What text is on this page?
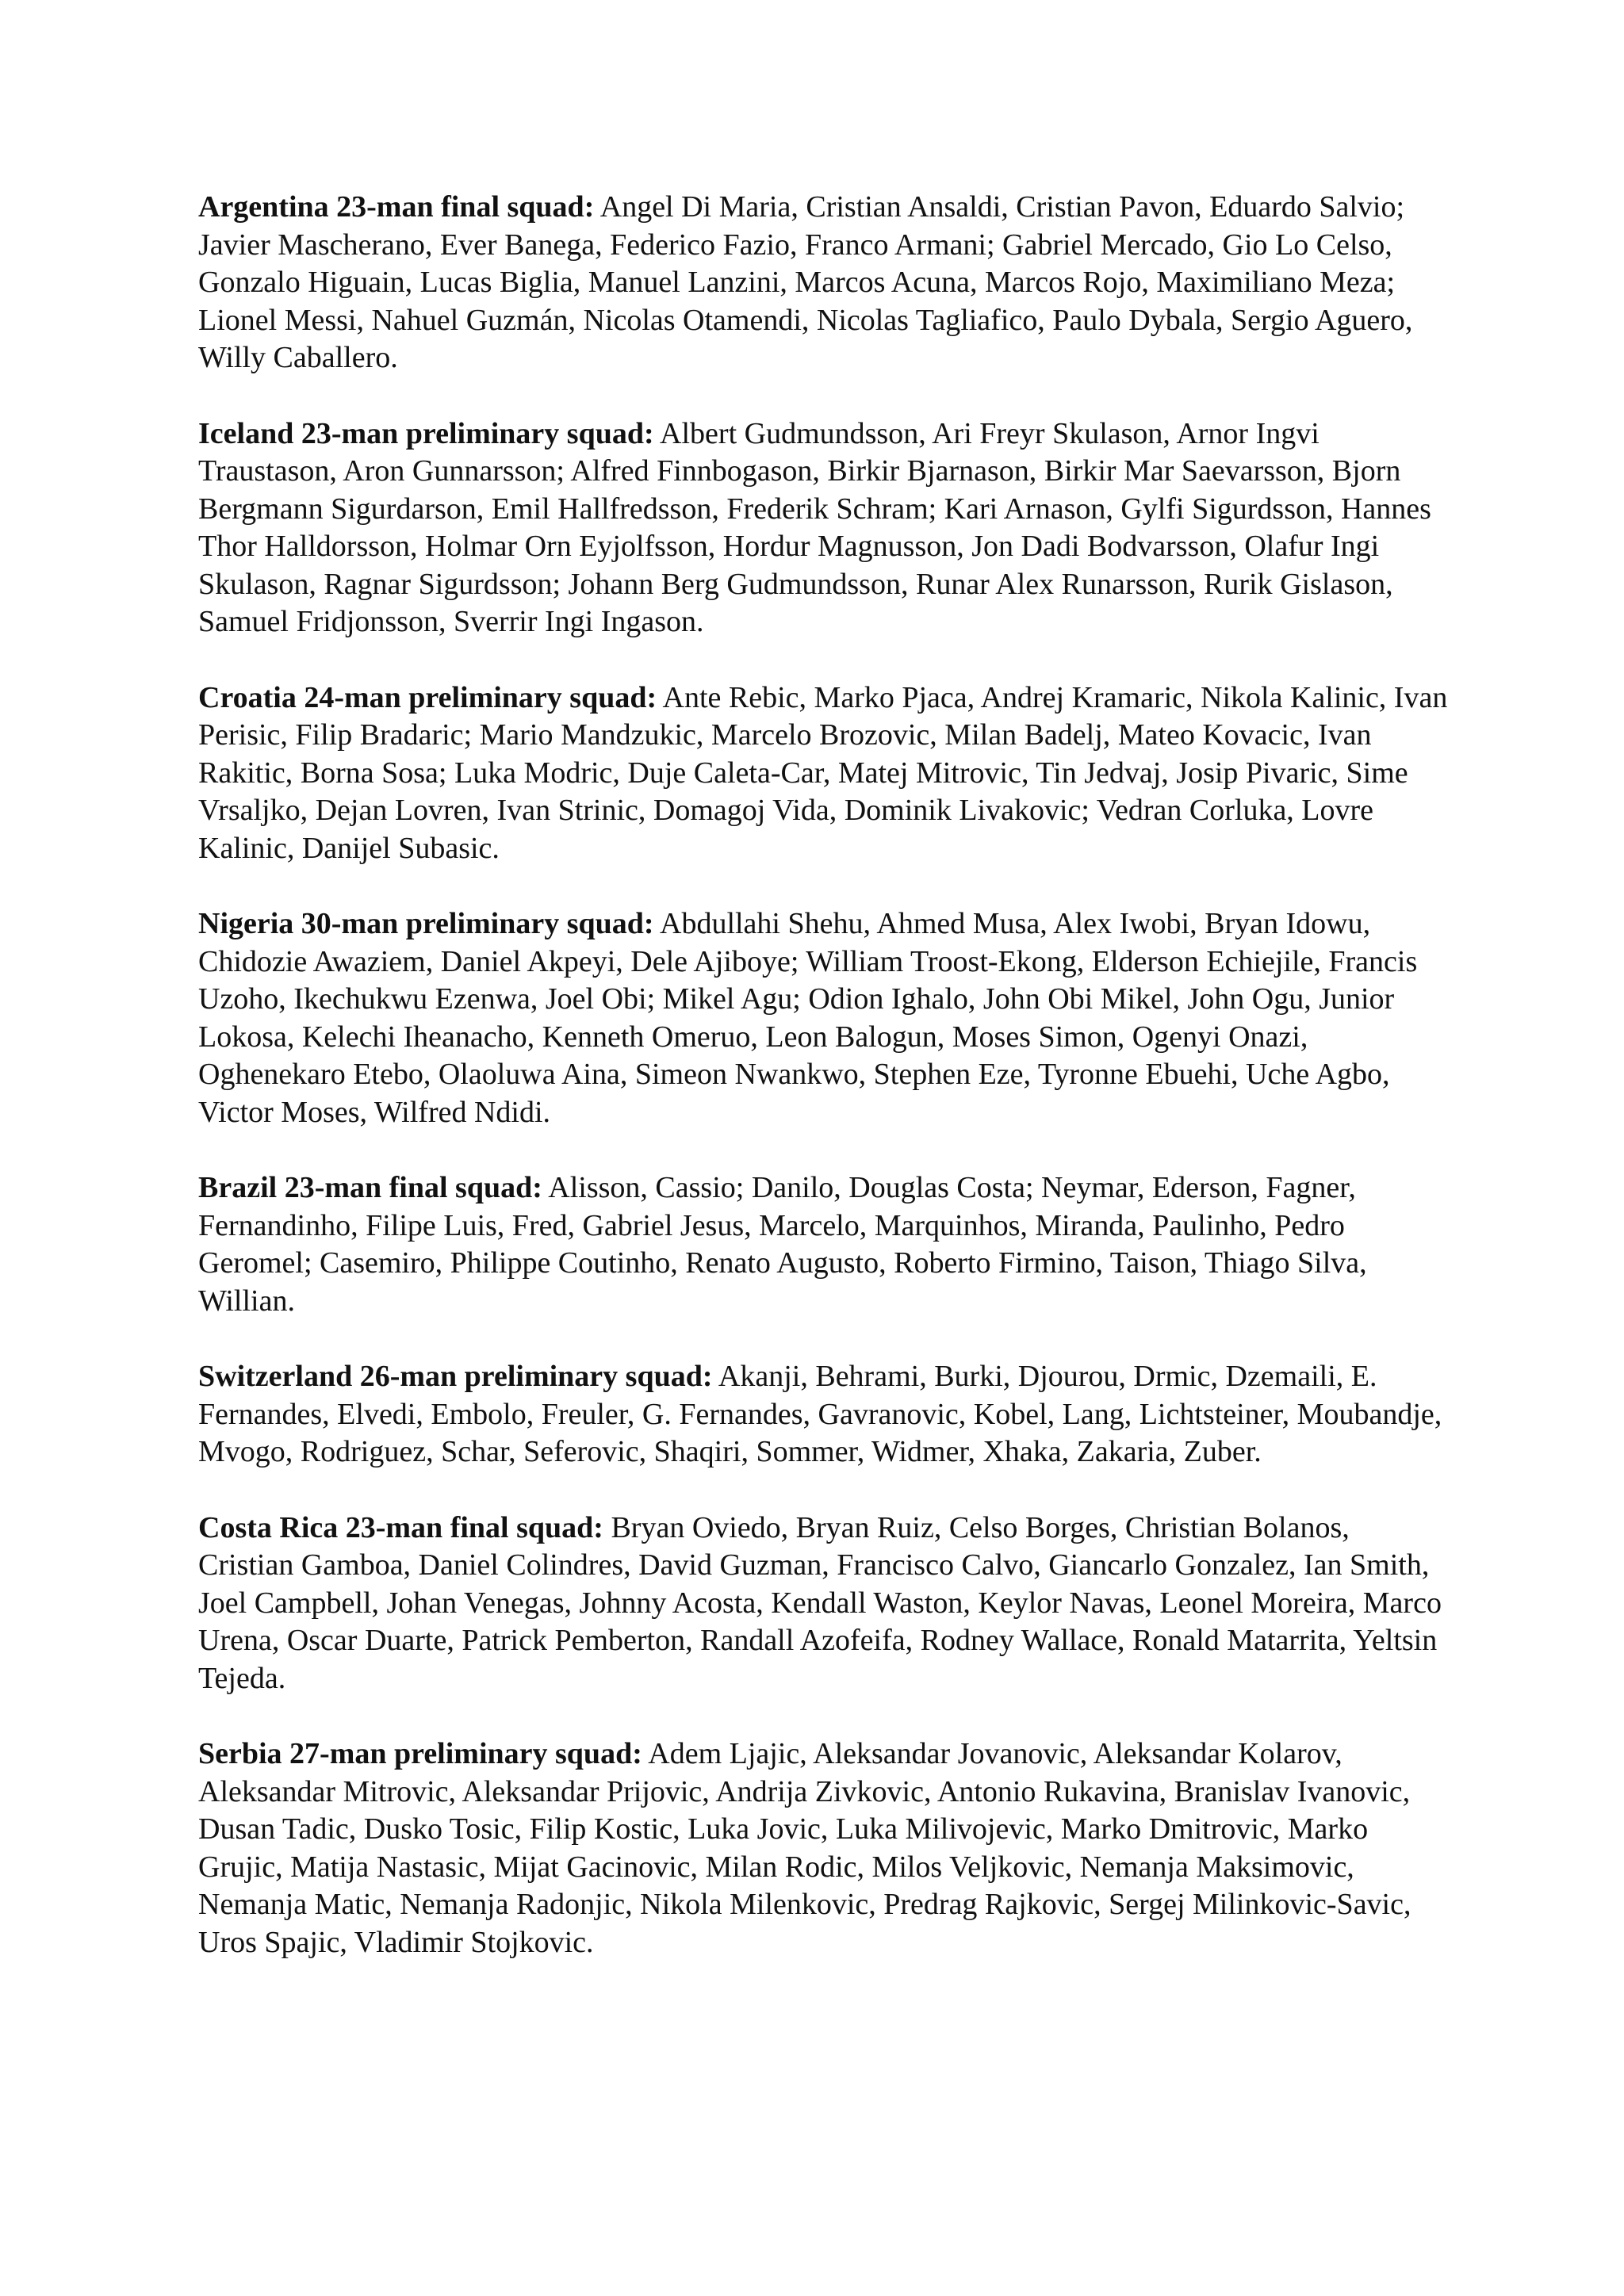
Argentina 23-man final squad: Angel Di Maria, Cristian Ansaldi, Cristian Pavon, Eduardo Salvio; Javier Mascherano, Ever Banega, Federico Fazio, Franco Armani; Gabriel Mercado, Gio Lo Celso, Gonzalo Higuain, Lucas Biglia, Manuel Lanzini, Marcos Acuna, Marcos Rojo, Maximiliano Meza; Lionel Messi, Nahuel Guzmán, Nicolas Otamendi, Nicolas Tagliafico, Paulo Dybala, Sergio Aguero, Willy Caballero.

Iceland 23-man preliminary squad: Albert Gudmundsson, Ari Freyr Skulason, Arnor Ingvi Traustason, Aron Gunnarsson; Alfred Finnbogason, Birkir Bjarnason, Birkir Mar Saevarsson, Bjorn Bergmann Sigurdarson, Emil Hallfredsson, Frederik Schram; Kari Arnason, Gylfi Sigurdsson, Hannes Thor Halldorsson, Holmar Orn Eyjolfsson, Hordur Magnusson, Jon Dadi Bodvarsson, Olafur Ingi Skulason, Ragnar Sigurdsson; Johann Berg Gudmundsson, Runar Alex Runarsson, Rurik Gislason, Samuel Fridjonsson, Sverrir Ingi Ingason.

Croatia 24-man preliminary squad: Ante Rebic, Marko Pjaca, Andrej Kramaric, Nikola Kalinic, Ivan Perisic, Filip Bradaric; Mario Mandzukic, Marcelo Brozovic, Milan Badelj, Mateo Kovacic, Ivan Rakitic, Borna Sosa; Luka Modric, Duje Caleta-Car, Matej Mitrovic, Tin Jedvaj, Josip Pivaric, Sime Vrsaljko, Dejan Lovren, Ivan Strinic, Domagoj Vida, Dominik Livakovic; Vedran Corluka, Lovre Kalinic, Danijel Subasic.

Nigeria 30-man preliminary squad: Abdullahi Shehu, Ahmed Musa, Alex Iwobi, Bryan Idowu, Chidozie Awaziem, Daniel Akpeyi, Dele Ajiboye; William Troost-Ekong, Elderson Echiejile, Francis Uzoho, Ikechukwu Ezenwa, Joel Obi; Mikel Agu; Odion Ighalo, John Obi Mikel, John Ogu, Junior Lokosa, Kelechi Iheanacho, Kenneth Omeruo, Leon Balogun, Moses Simon, Ogenyi Onazi, Oghenekaro Etebo, Olaoluwa Aina, Simeon Nwankwo, Stephen Eze, Tyronne Ebuehi, Uche Agbo, Victor Moses, Wilfred Ndidi.

Brazil 23-man final squad: Alisson, Cassio; Danilo, Douglas Costa; Neymar, Ederson, Fagner, Fernandinho, Filipe Luis, Fred, Gabriel Jesus, Marcelo, Marquinhos, Miranda, Paulinho, Pedro Geromel; Casemiro, Philippe Coutinho, Renato Augusto, Roberto Firmino, Taison, Thiago Silva, Willian.

Switzerland 26-man preliminary squad: Akanji, Behrami, Burki, Djourou, Drmic, Dzemaili, E. Fernandes, Elvedi, Embolo, Freuler, G. Fernandes, Gavranovic, Kobel, Lang, Lichtsteiner, Moubandje, Mvogo, Rodriguez, Schar, Seferovic, Shaqiri, Sommer, Widmer, Xhaka, Zakaria, Zuber.

Costa Rica 23-man final squad: Bryan Oviedo, Bryan Ruiz, Celso Borges, Christian Bolanos, Cristian Gamboa, Daniel Colindres, David Guzman, Francisco Calvo, Giancarlo Gonzalez, Ian Smith, Joel Campbell, Johan Venegas, Johnny Acosta, Kendall Waston, Keylor Navas, Leonel Moreira, Marco Urena, Oscar Duarte, Patrick Pemberton, Randall Azofeifa, Rodney Wallace, Ronald Matarrita, Yeltsin Tejeda.

Serbia 27-man preliminary squad: Adem Ljajic, Aleksandar Jovanovic, Aleksandar Kolarov, Aleksandar Mitrovic, Aleksandar Prijovic, Andrija Zivkovic, Antonio Rukavina, Branislav Ivanovic, Dusan Tadic, Dusko Tosic, Filip Kostic, Luka Jovic, Luka Milivojevic, Marko Dmitrovic, Marko Grujic, Matija Nastasic, Mijat Gacinovic, Milan Rodic, Milos Veljkovic, Nemanja Maksimovic, Nemanja Matic, Nemanja Radonjic, Nikola Milenkovic, Predrag Rajkovic, Sergej Milinkovic-Savic, Uros Spajic, Vladimir Stojkovic.
